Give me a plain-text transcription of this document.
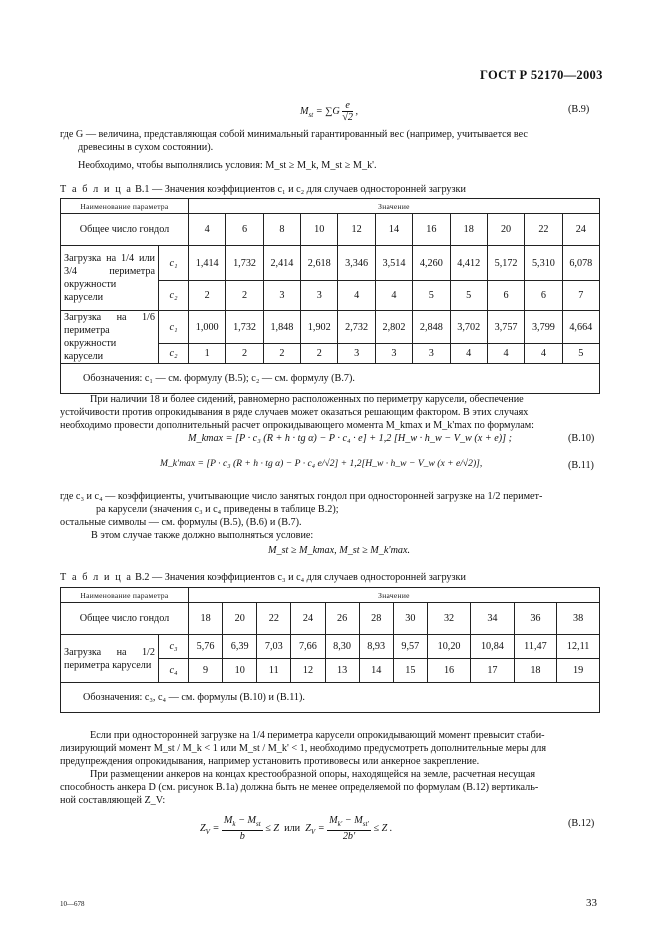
ГОСТ Р 52170—2003
$M_{st} = \sum G \frac{e}{√2}$ ,	(В.9)
где G — величина, представляющая собой минимальный гарантированный вес (например, учитывается вес
древесины в сухом состоянии).
Необходимо, чтобы выполнялись условия: M_st ≥ M_k, M_st ≥ M_k'.
Т а б л и ц а В.1 — Значения коэффициентов c₁ и c₂ для случаев односторонней загрузки
Наименование параметра		Значение										
Общее число гондол		4	6	8	10	12	14	16	18	20	22	24
Загрузка на 1/4 или 3/4 периметра окружности карусели	c₁	1,414	1,732	2,414	2,618	3,346	3,514	4,260	4,412	5,172	5,310	6,078
	c₂	2	2	3	3	4	4	5	5	6	6	7
Загрузка на 1/6 периметра окружности карусели	c₁	1,000	1,732	1,848	1,902	2,732	2,802	2,848	3,702	3,757	3,799	4,664
	c₂	1	2	2	2	3	3	3	4	4	4	5
Обозначения: c₁ — см. формулу (В.5); c₂ — см. формулу (В.7).												
При наличии 18 и более сидений, равномерно расположенных по периметру карусели, обеспечение
устойчивости против опрокидывания в ряде случаев может оказаться решающим фактором. В этих случаях
необходимо провести дополнительный расчет опрокидывающего момента M_kmax и M_k'max по формулам:
M_kmax = [P · c₃ (R + h · tg α) − P · c₄ · e] + 1,2 [H_w · h_w − V_w (x + e)] ;	(В.10)
M_k'max = [P · c₃ (R + h · tg α) − P · c₄ e/√2] + 1,2[H_w · h_w − V_w (x + e/√2)],	(В.11)
где c₃ и c₄ — коэффициенты, учитывающие число занятых гондол при односторонней загрузке на 1/2 перимет-
ра карусели (значения c₃ и c₄ приведены в таблице В.2);
остальные символы — см. формулы (В.5), (В.6) и (В.7).
В этом случае также должно выполняться условие:
M_st ≥ M_kmax, M_st ≥ M_k'max.
Т а б л и ц а В.2 — Значения коэффициентов c₃ и c₄ для случаев односторонней загрузки
Наименование параметра		Значение										
Общее число гондол		18	20	22	24	26	28	30	32	34	36	38
Загрузка на 1/2 периметра карусели	c₃	5,76	6,39	7,03	7,66	8,30	8,93	9,57	10,20	10,84	11,47	12,11
	c₄	9	10	11	12	13	14	15	16	17	18	19
Обозначения: c₃, c₄ — см. формулы (В.10) и (В.11).												
Если при односторонней загрузке на 1/4 периметра карусели опрокидывающий момент превысит стаби-
лизирующий момент M_st / M_k < 1 или M_st / M_k' < 1, необходимо предусмотреть дополнительные меры для
предупреждения опрокидывания, например установить противовесы или анкерное закрепление.
При размещении анкеров на концах крестообразной опоры, находящейся на земле, расчетная несущая
способность анкера D (см. рисунок В.1а) должна быть не менее определяемой по формулам (В.12) вертикаль-
ной составляющей Z_V:
$Z_V = \frac{M_k - M_{st}}{b} \le Z$  или  $Z_V = \frac{M_{k'} - M_{st'}}{2b'} \le Z$ .	(В.12)
10—678	33
